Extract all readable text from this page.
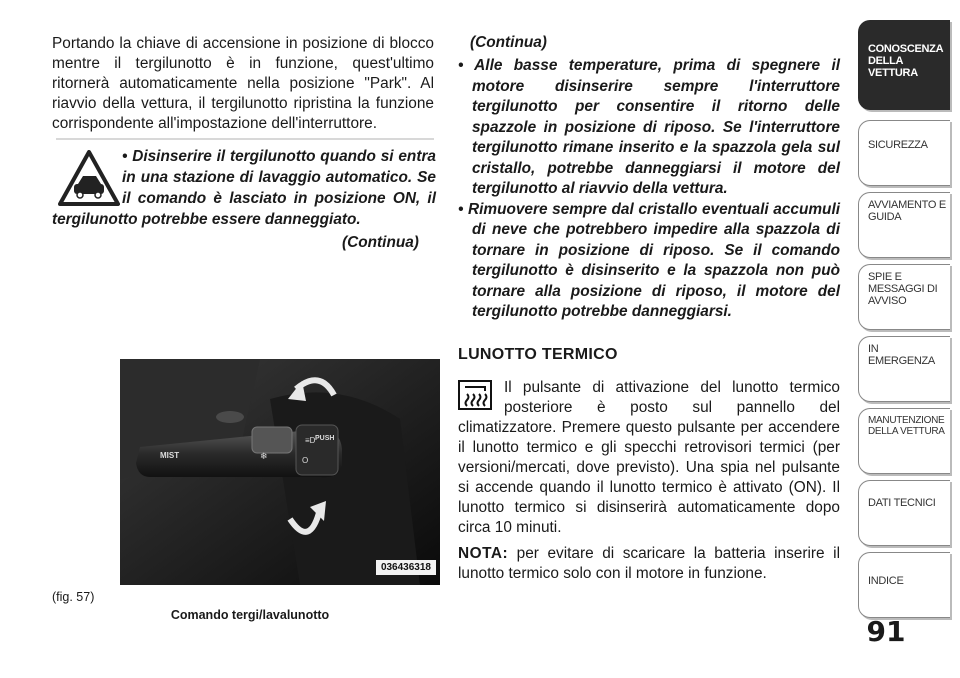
Portando la chiave di accensione in posizione di blocco mentre il tergilunotto è in funzione, quest'ultimo ritornerà automaticamente nella posizione "Park". Al riavvio della vettura, il tergilunotto ripristina la funzione corrispondente all'impostazione dell'interruttore.

• Disinserire il tergilunotto quando si entra in una stazione di lavaggio automatico. Se il comando è lasciato in posizione ON, il tergilunotto potrebbe essere danneggiato.

(Continua)
❄
≡D
O
MIST
PUSH
036436318
(fig. 57)
Comando tergi/lavalunotto
(Continua)
• Alle basse temperature, prima di spegnere il motore disinserire sempre l'interruttore tergilunotto per consentire il ritorno delle spazzole in posizione di riposo. Se l'interruttore tergilunotto rimane inserito e la spazzola gela sul cristallo, potrebbe danneggiarsi il motore del tergilunotto al riavvio della vettura.
• Rimuovere sempre dal cristallo eventuali accumuli di neve che potrebbero impedire alla spazzola di tornare in posizione di riposo. Se il comando tergilunotto è disinserito e la spazzola non può tornare alla posizione di riposo, il motore del tergilunotto potrebbe danneggiarsi.
LUNOTTO TERMICO

Il pulsante di attivazione del lunotto termico posteriore è posto sul pannello del climatizzatore. Premere questo pulsante per accendere il lunotto termico e gli specchi retrovisori termici (per versioni/mercati, dove previsto). Una spia nel pulsante si accende quando il lunotto termico è attivato (ON). Il lunotto termico si disinserirà automaticamente dopo circa 10 minuti.

NOTA: per evitare di scaricare la batteria inserire il lunotto termico solo con il motore in funzione.

CONOSCENZA DELLA VETTURA
SICUREZZA
AVVIAMENTO E GUIDA
SPIE E MESSAGGI DI AVVISO
IN EMERGENZA
MANUTENZIONE DELLA VETTURA
DATI TECNICI
INDICE
91
